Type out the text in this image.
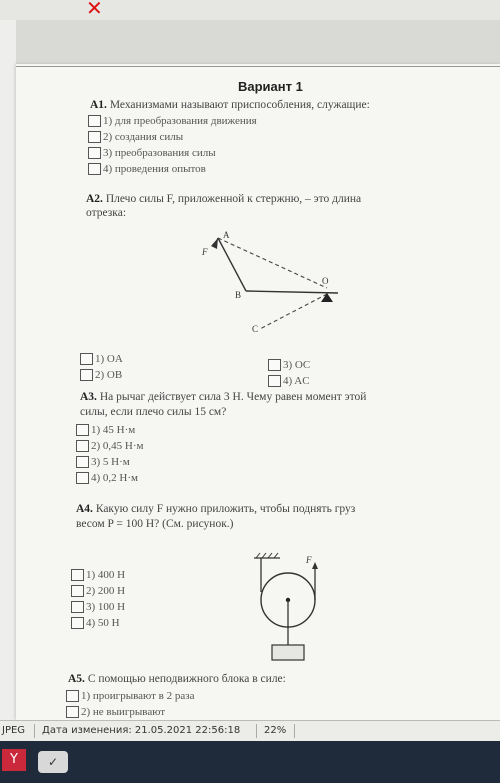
✕
Вариант 1
А1. Механизмами называют приспособления, служащие:
1) для преобразования движения
2) создания силы
3) преобразования силы
4) проведения опытов
А2. Плечо силы F, приложенной к стержню, – это длина
отрезка:
A
F
B
O
C
1) OA
2) OB
3) OC
4) AC
А3. На рычаг действует сила 3 Н. Чему равен момент этой
силы, если плечо силы 15 см?
1) 45 Н·м
2) 0,45 Н·м
3) 5 Н·м
4) 0,2 Н·м
А4. Какую силу F нужно приложить, чтобы поднять груз
весом P = 100 Н? (См. рисунок.)
F
1) 400 Н
2) 200 Н
3) 100 Н
4) 50 Н
А5. С помощью неподвижного блока в силе:
1) проигрывают в 2 раза
2) не выигрывают
JPEG Дата изменения: 21.05.2021 22:56:18 22%
Y	✓
